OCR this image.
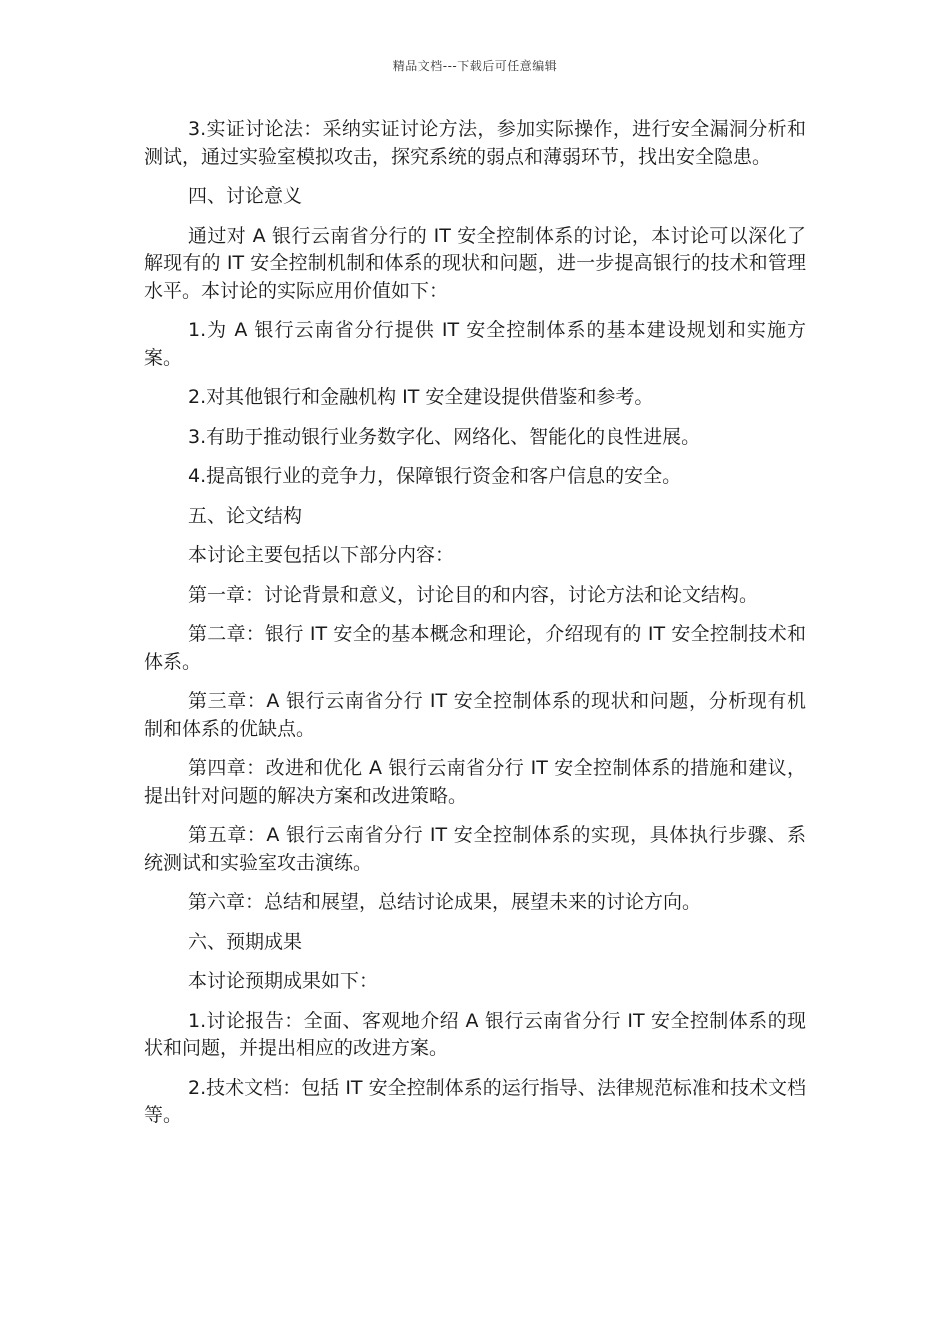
精品文档---下载后可任意编辑

3.实证讨论法：采纳实证讨论方法，参加实际操作，进行安全漏洞分析和测试，通过实验室模拟攻击，探究系统的弱点和薄弱环节，找出安全隐患。

四、讨论意义

通过对 A 银行云南省分行的 IT 安全控制体系的讨论，本讨论可以深化了解现有的 IT 安全控制机制和体系的现状和问题，进一步提高银行的技术和管理水平。本讨论的实际应用价值如下：

1.为 A 银行云南省分行提供 IT 安全控制体系的基本建设规划和实施方案。

2.对其他银行和金融机构 IT 安全建设提供借鉴和参考。

3.有助于推动银行业务数字化、网络化、智能化的良性进展。

4.提高银行业的竞争力，保障银行资金和客户信息的安全。

五、论文结构

本讨论主要包括以下部分内容：

第一章：讨论背景和意义，讨论目的和内容，讨论方法和论文结构。

第二章：银行 IT 安全的基本概念和理论，介绍现有的 IT 安全控制技术和体系。

第三章：A 银行云南省分行 IT 安全控制体系的现状和问题，分析现有机制和体系的优缺点。

第四章：改进和优化 A 银行云南省分行 IT 安全控制体系的措施和建议，提出针对问题的解决方案和改进策略。

第五章：A 银行云南省分行 IT 安全控制体系的实现，具体执行步骤、系统测试和实验室攻击演练。

第六章：总结和展望，总结讨论成果，展望未来的讨论方向。

六、预期成果

本讨论预期成果如下：

1.讨论报告：全面、客观地介绍 A 银行云南省分行 IT 安全控制体系的现状和问题，并提出相应的改进方案。

2.技术文档：包括 IT 安全控制体系的运行指导、法律规范标准和技术文档等。
